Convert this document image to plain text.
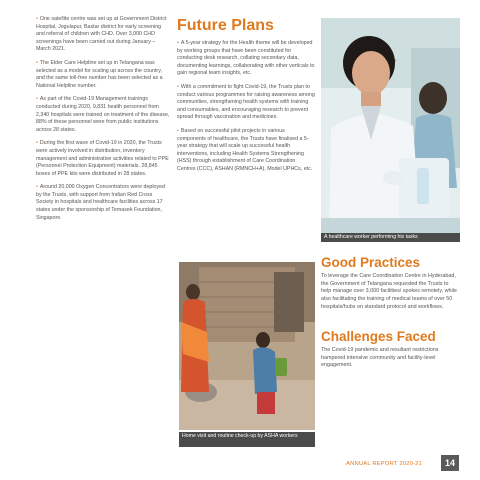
• One satellite centre was set up at Government District Hospital, Jogulapur, Bastar district for early screening and referral of children with CHD. Over 3,000 CHD screenings have been carried out during January – March 2021.

• The Elder Care Helpline set up in Telangana was selected as a model for scaling up across the country, and the same toll-free number has been selected as a National Helpline number.

• As part of the Covid-19 Management trainings conducted during 2020, 9,831 health personnel from 2,340 hospitals were trained on treatment of the disease, 88% of these personnel were from public institutions across 28 states.

• During the first wave of Covid-19 in 2020, the Trusts were actively involved in distribution, inventory management and administrative activities related to PPE (Personnel Protection Equipment) materials. 28,845 boxes of PPE kits were distributed in 28 states.

• Around 20,000 Oxygen Concentrators were deployed by the Trusts, with support from Indian Red Cross Society in hospitals and healthcare facilities across 17 states under the sponsorship of Temasek Foundation, Singapore.

Future Plans

• A 5-year strategy for the Health theme will be developed by working groups that have been constituted for conducting desk research, collating secondary data, documenting learnings, collaborating with other verticals to gain regional team insights, etc.

• With a commitment to fight Covid-19, the Trusts plan to conduct various programmes for raising awareness among communities, strengthening health systems with training and consumables, and encouraging research to prevent spread through vaccination and medicines.

• Based on successful pilot projects in various components of healthcare, the Trusts have finalised a 5-year strategy that will scale up successful health interventions, including Health Systems Strengthening (HSS) through establishment of Care Coordination Centres (CCC), ASHAN (RMNCH+A), Model UPHCs, etc.

A healthcare worker performing his tasks
Home visit and routine check-up by ASHA workers
Good Practices

To leverage the Care Coordination Centre in Hyderabad, the Government of Telangana requested the Trusts to help manage over 3,000 facilities/ spokes remotely, while also facilitating the training of medical teams of over 50 hospitals/hubs on standard protocol and workflows.

Challenges Faced

The Covid-19 pandemic and resultant restrictions hampered intensive community and facility-level engagement.

ANNUAL REPORT 2020-21	14
